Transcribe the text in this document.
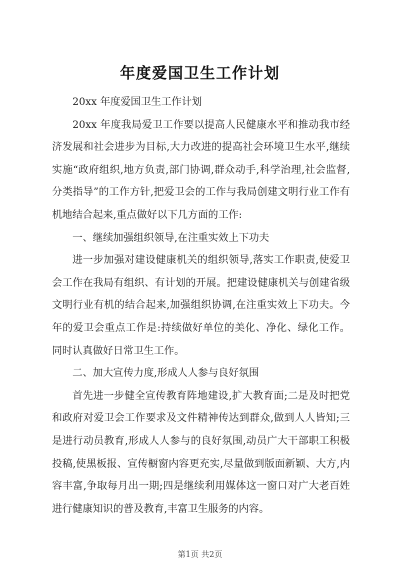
年度爱国卫生工作计划

20xx 年度爱国卫生工作计划

20xx 年度我局爱卫工作要以提高人民健康水平和推动我市经济发展和社会进步为目标,大力改进的提高社会环境卫生水平,继续实施“政府组织,地方负责,部门协调,群众动手,科学治理,社会监督,分类指导”的工作方针,把爱卫会的工作与我局创建文明行业工作有机地结合起来,重点做好以下几方面的工作:

一、继续加强组织领导,在注重实效上下功夫

进一步加强对建设健康机关的组织领导,落实工作职责,使爱卫会工作在我局有组织、有计划的开展。把建设健康机关与创建省级文明行业有机的结合起来,加强组织协调,在注重实效上下功夫。今年的爱卫会重点工作是:持续做好单位的美化、净化、绿化工作。同时认真做好日常卫生工作。

二、加大宣传力度,形成人人参与良好氛围

首先进一步健全宣传教育阵地建设,扩大教育面;二是及时把党和政府对爱卫会工作要求及文件精神传达到群众,做到人人皆知;三是进行动员教育,形成人人参与的良好氛围,动员广大干部职工积极投稿,使黑板报、宣传橱窗内容更充实,尽量做到版面新颖、大方,内容丰富,争取每月出一期;四是继续利用媒体这一窗口对广大老百姓进行健康知识的普及教育,丰富卫生服务的内容。

第1页 共2页
